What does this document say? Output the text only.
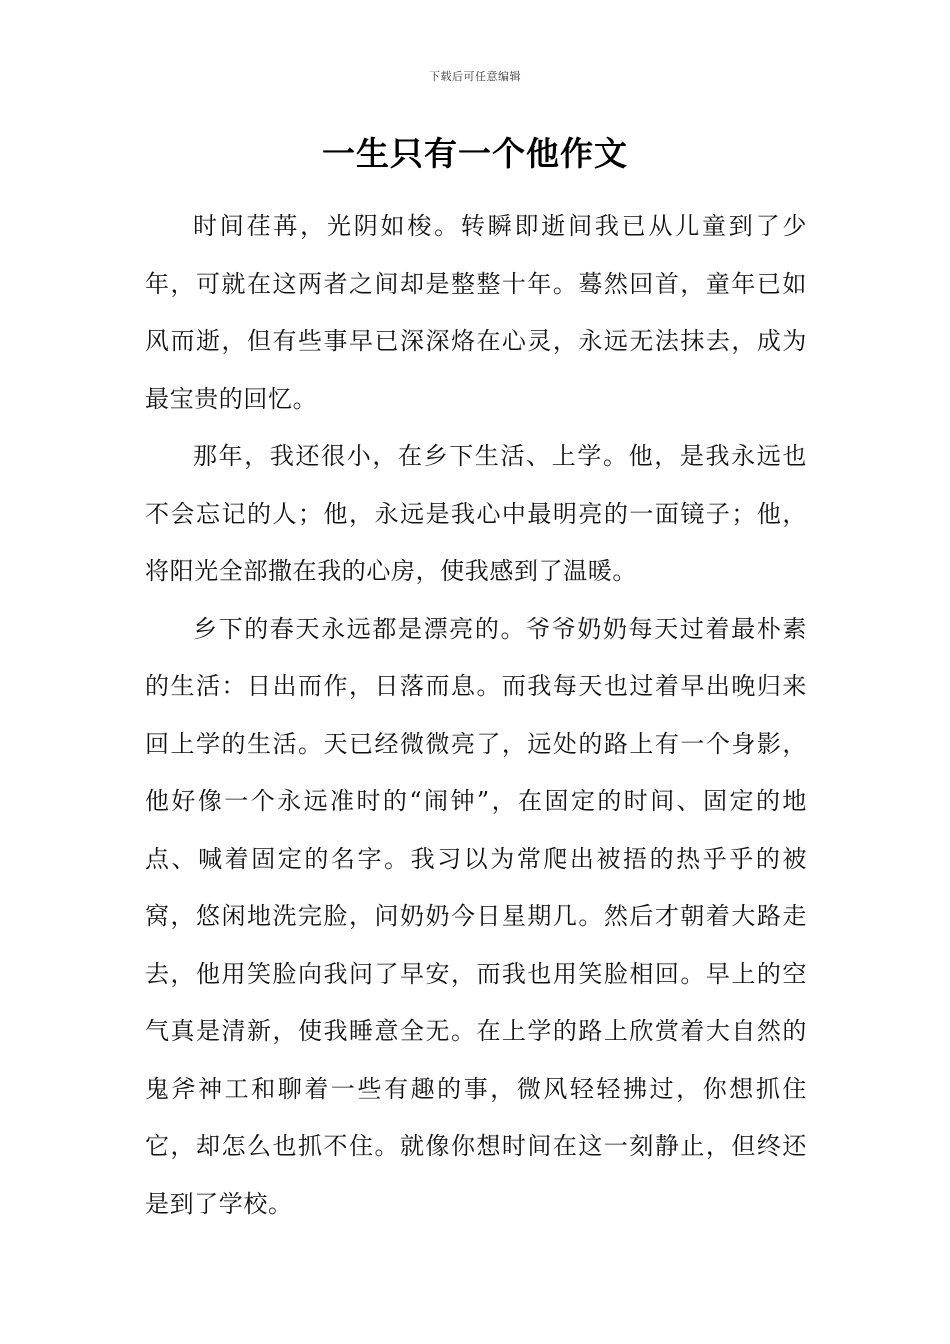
下载后可任意编辑
一生只有一个他作文

时间荏苒，光阴如梭。转瞬即逝间我已从儿童到了少年，可就在这两者之间却是整整十年。蓦然回首，童年已如风而逝，但有些事早已深深烙在心灵，永远无法抹去，成为最宝贵的回忆。

那年，我还很小，在乡下生活、上学。他，是我永远也不会忘记的人；他，永远是我心中最明亮的一面镜子；他，将阳光全部撒在我的心房，使我感到了温暖。

乡下的春天永远都是漂亮的。爷爷奶奶每天过着最朴素的生活：日出而作，日落而息。而我每天也过着早出晚归来回上学的生活。天已经微微亮了，远处的路上有一个身影，他好像一个永远准时的“闹钟”，在固定的时间、固定的地点、喊着固定的名字。我习以为常爬出被捂的热乎乎的被窝，悠闲地洗完脸，问奶奶今日星期几。然后才朝着大路走去，他用笑脸向我问了早安，而我也用笑脸相回。早上的空气真是清新，使我睡意全无。在上学的路上欣赏着大自然的鬼斧神工和聊着一些有趣的事，微风轻轻拂过，你想抓住它，却怎么也抓不住。就像你想时间在这一刻静止，但终还是到了学校。
